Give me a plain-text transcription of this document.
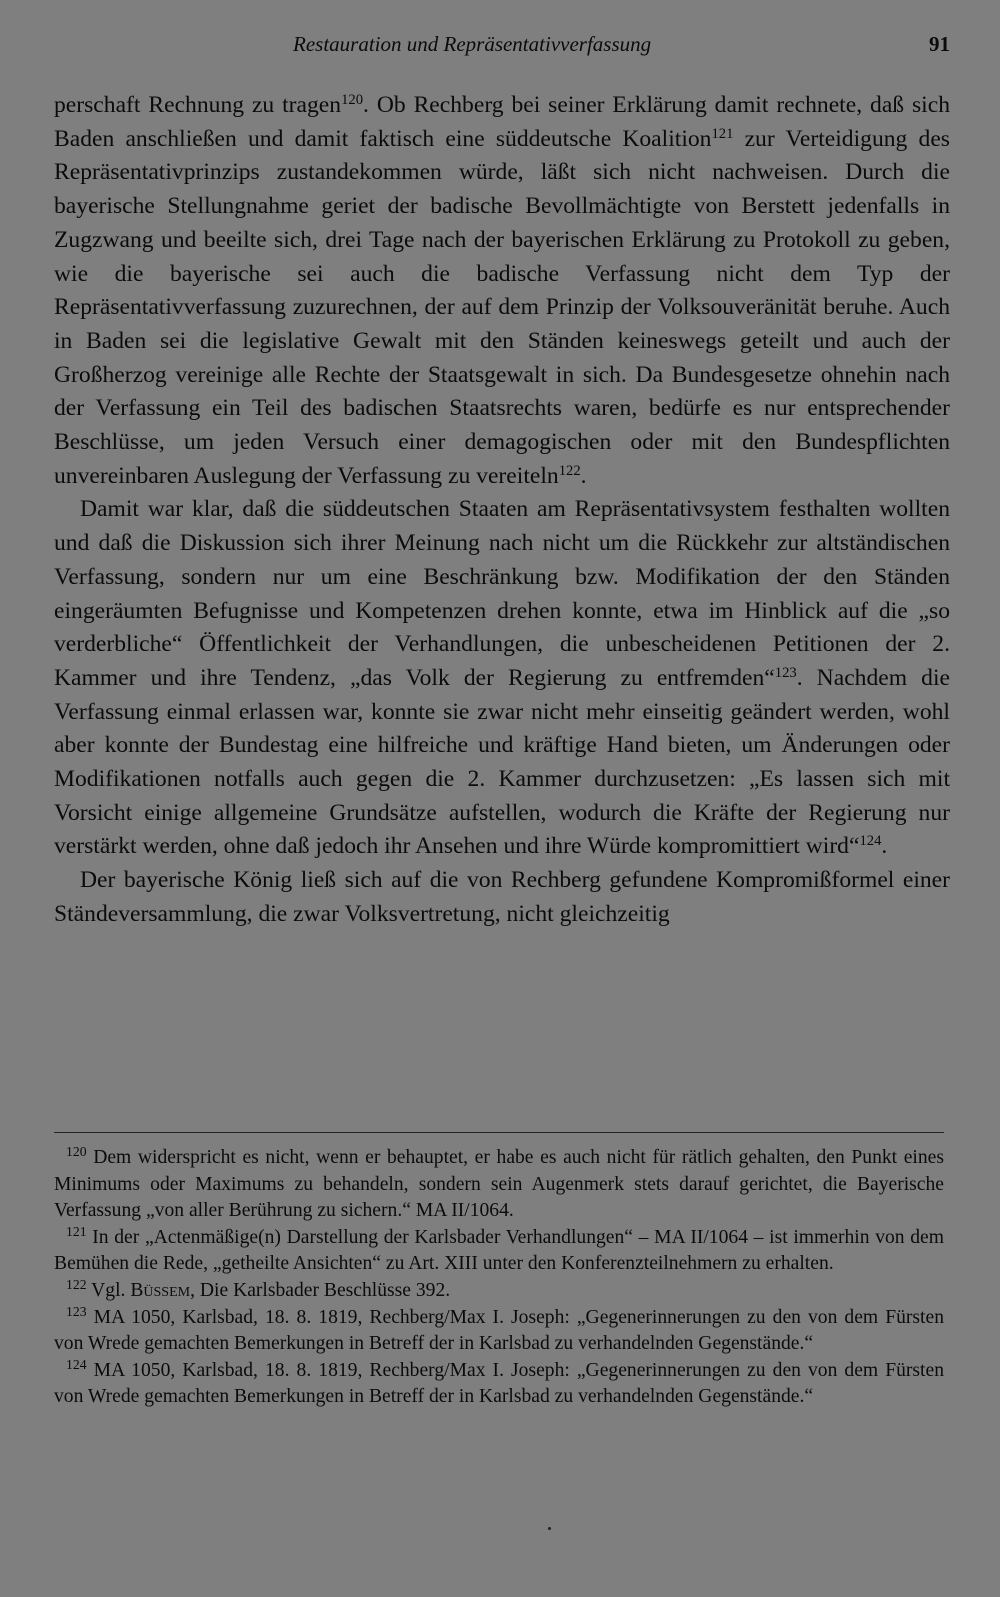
Restauration und Repräsentativverfassung	91

perschaft Rechnung zu tragen$^{120}$. Ob Rechberg bei seiner Erklärung damit rechnete, daß sich Baden anschließen und damit faktisch eine süddeutsche Koalition$^{121}$ zur Verteidigung des Repräsentativprinzips zustandekommen würde, läßt sich nicht nachweisen. Durch die bayerische Stellungnahme geriet der badische Bevollmächtigte von Berstett jedenfalls in Zugzwang und beeilte sich, drei Tage nach der bayerischen Erklärung zu Protokoll zu geben, wie die bayerische sei auch die badische Verfassung nicht dem Typ der Repräsentativverfassung zuzurechnen, der auf dem Prinzip der Volksouveränität beruhe. Auch in Baden sei die legislative Gewalt mit den Ständen keineswegs geteilt und auch der Großherzog vereinige alle Rechte der Staatsgewalt in sich. Da Bundesgesetze ohnehin nach der Verfassung ein Teil des badischen Staatsrechts waren, bedürfe es nur entsprechender Beschlüsse, um jeden Versuch einer demagogischen oder mit den Bundespflichten unvereinbaren Auslegung der Verfassung zu vereiteln$^{122}$.

Damit war klar, daß die süddeutschen Staaten am Repräsentativsystem festhalten wollten und daß die Diskussion sich ihrer Meinung nach nicht um die Rückkehr zur altständischen Verfassung, sondern nur um eine Beschränkung bzw. Modifikation der den Ständen eingeräumten Befugnisse und Kompetenzen drehen konnte, etwa im Hinblick auf die „so verderbliche“ Öffentlichkeit der Verhandlungen, die unbescheidenen Petitionen der 2. Kammer und ihre Tendenz, „das Volk der Regierung zu entfremden“$^{123}$. Nachdem die Verfassung einmal erlassen war, konnte sie zwar nicht mehr einseitig geändert werden, wohl aber konnte der Bundestag eine hilfreiche und kräftige Hand bieten, um Änderungen oder Modifikationen notfalls auch gegen die 2. Kammer durchzusetzen: „Es lassen sich mit Vorsicht einige allgemeine Grundsätze aufstellen, wodurch die Kräfte der Regierung nur verstärkt werden, ohne daß jedoch ihr Ansehen und ihre Würde kompromittiert wird“$^{124}$.

Der bayerische König ließ sich auf die von Rechberg gefundene Kompromißformel einer Ständeversammlung, die zwar Volksvertretung, nicht gleichzeitig

$^{120}$ Dem widerspricht es nicht, wenn er behauptet, er habe es auch nicht für rätlich gehalten, den Punkt eines Minimums oder Maximums zu behandeln, sondern sein Augenmerk stets darauf gerichtet, die Bayerische Verfassung „von aller Berührung zu sichern.“ MA II/1064.

$^{121}$ In der „Actenmäßige(n) Darstellung der Karlsbader Verhandlungen“ – MA II/1064 – ist immerhin von dem Bemühen die Rede, „getheilte Ansichten“ zu Art. XIII unter den Konferenzteilnehmern zu erhalten.

$^{122}$ Vgl. Büssem, Die Karlsbader Beschlüsse 392.

$^{123}$ MA 1050, Karlsbad, 18. 8. 1819, Rechberg/Max I. Joseph: „Gegenerinnerungen zu den von dem Fürsten von Wrede gemachten Bemerkungen in Betreff der in Karlsbad zu verhandelnden Gegenstände.“

$^{124}$ MA 1050, Karlsbad, 18. 8. 1819, Rechberg/Max I. Joseph: „Gegenerinnerungen zu den von dem Fürsten von Wrede gemachten Bemerkungen in Betreff der in Karlsbad zu verhandelnden Gegenstände.“
